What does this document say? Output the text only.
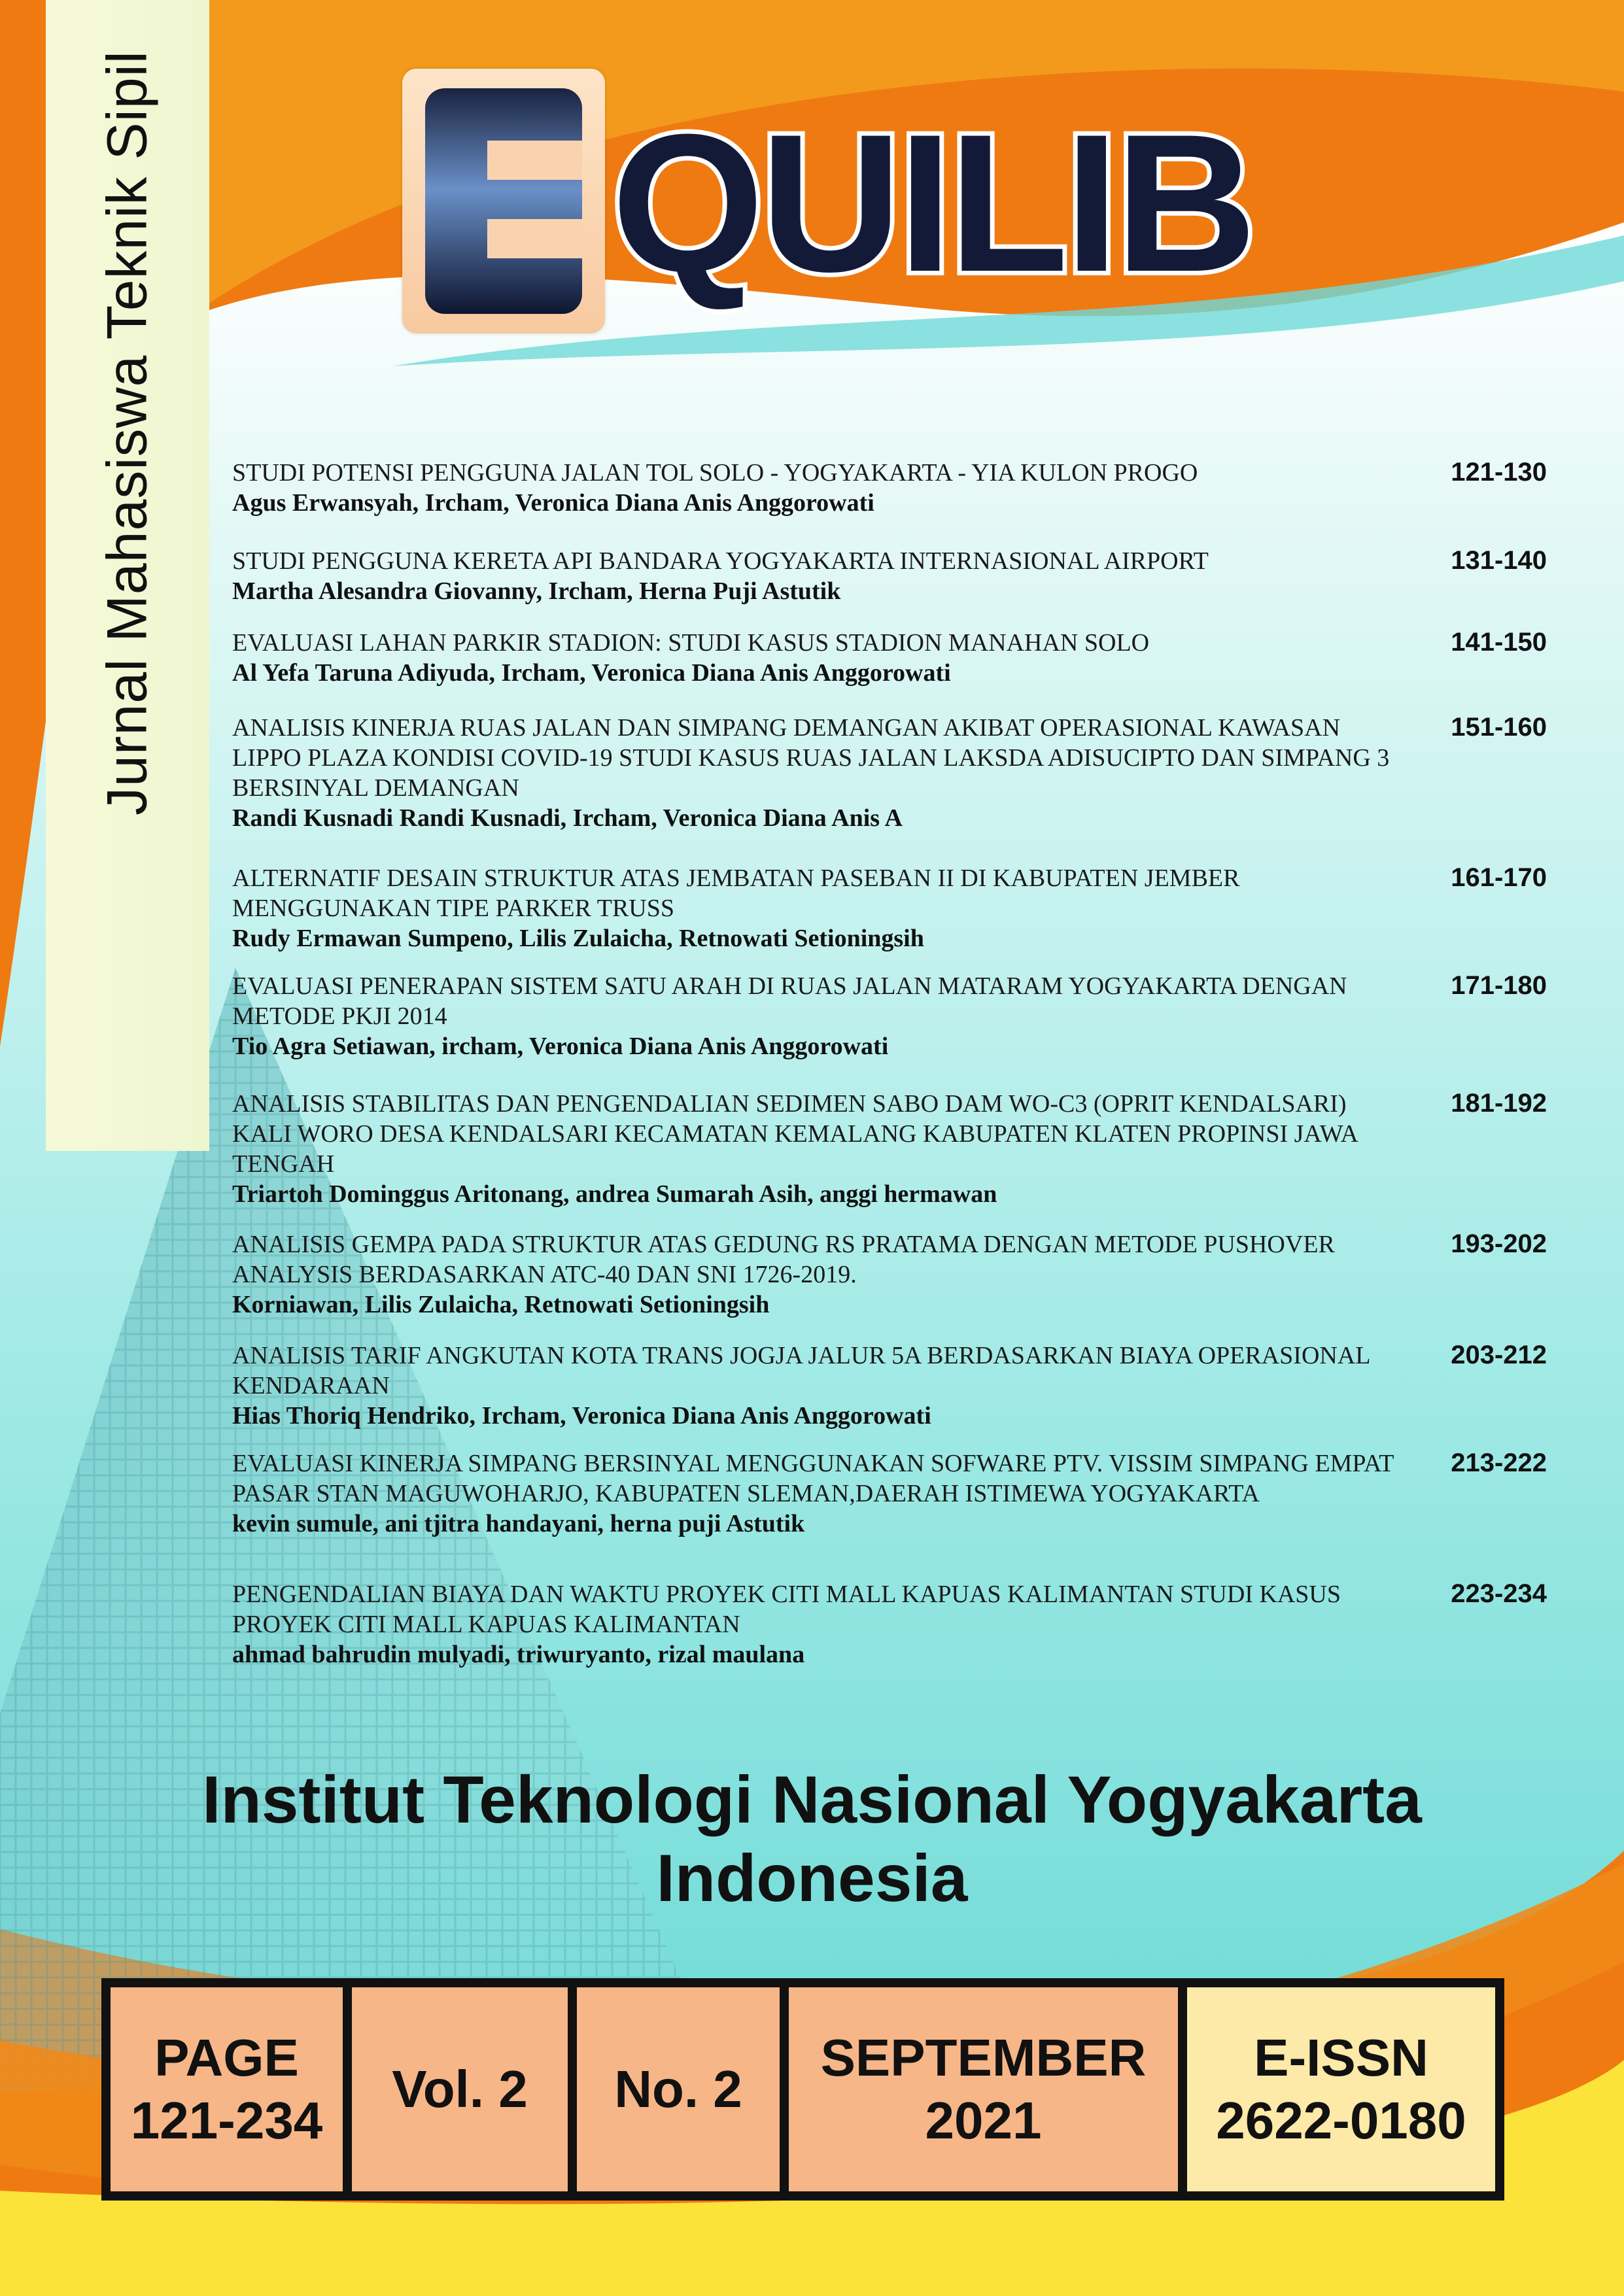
Jurnal Mahasiswa Teknik Sipil QUILIB
STUDI POTENSI PENGGUNA JALAN TOL SOLO - YOGYAKARTA - YIA KULON PROGO
Agus Erwansyah, Ircham, Veronica Diana Anis Anggorowati
121-130
STUDI PENGGUNA KERETA API BANDARA YOGYAKARTA INTERNASIONAL AIRPORT
Martha Alesandra Giovanny, Ircham, Herna Puji Astutik
131-140
EVALUASI LAHAN PARKIR STADION: STUDI KASUS STADION MANAHAN SOLO
Al Yefa Taruna Adiyuda, Ircham, Veronica Diana Anis Anggorowati
141-150
ANALISIS KINERJA RUAS JALAN DAN SIMPANG DEMANGAN AKIBAT OPERASIONAL KAWASAN LIPPO PLAZA KONDISI COVID-19 STUDI KASUS RUAS JALAN LAKSDA ADISUCIPTO DAN SIMPANG 3 BERSINYAL DEMANGAN
Randi Kusnadi Randi Kusnadi, Ircham, Veronica Diana Anis A
151-160
ALTERNATIF DESAIN STRUKTUR ATAS JEMBATAN PASEBAN II DI KABUPATEN JEMBER MENGGUNAKAN TIPE PARKER TRUSS
Rudy Ermawan Sumpeno, Lilis Zulaicha, Retnowati Setioningsih
161-170
EVALUASI PENERAPAN SISTEM SATU ARAH DI RUAS JALAN MATARAM YOGYAKARTA DENGAN METODE PKJI 2014
Tio Agra Setiawan, ircham, Veronica Diana Anis Anggorowati
171-180
ANALISIS STABILITAS DAN PENGENDALIAN SEDIMEN SABO DAM WO-C3 (OPRIT KENDALSARI) KALI WORO DESA KENDALSARI KECAMATAN KEMALANG KABUPATEN KLATEN PROPINSI JAWA TENGAH
Triartoh Dominggus Aritonang, andrea Sumarah Asih, anggi hermawan
181-192
ANALISIS GEMPA PADA STRUKTUR ATAS GEDUNG RS PRATAMA DENGAN METODE PUSHOVER ANALYSIS BERDASARKAN ATC-40 DAN SNI 1726-2019.
Korniawan, Lilis Zulaicha, Retnowati Setioningsih
193-202
ANALISIS TARIF ANGKUTAN KOTA TRANS JOGJA JALUR 5A BERDASARKAN BIAYA OPERASIONAL KENDARAAN
Hias Thoriq Hendriko, Ircham, Veronica Diana Anis Anggorowati
203-212
EVALUASI KINERJA SIMPANG BERSINYAL MENGGUNAKAN SOFWARE PTV. VISSIM SIMPANG EMPAT PASAR STAN MAGUWOHARJO, KABUPATEN SLEMAN,DAERAH ISTIMEWA YOGYAKARTA
kevin sumule, ani tjitra handayani, herna puji Astutik
213-222
PENGENDALIAN BIAYA DAN WAKTU PROYEK CITI MALL KAPUAS KALIMANTAN STUDI KASUS PROYEK CITI MALL KAPUAS KALIMANTAN
ahmad bahrudin mulyadi, triwuryanto, rizal maulana
223-234
Institut Teknologi Nasional Yogyakarta
Indonesia
PAGE
121-234
Vol. 2 No. 2
SEPTEMBER
2021
E-ISSN
2622-0180
